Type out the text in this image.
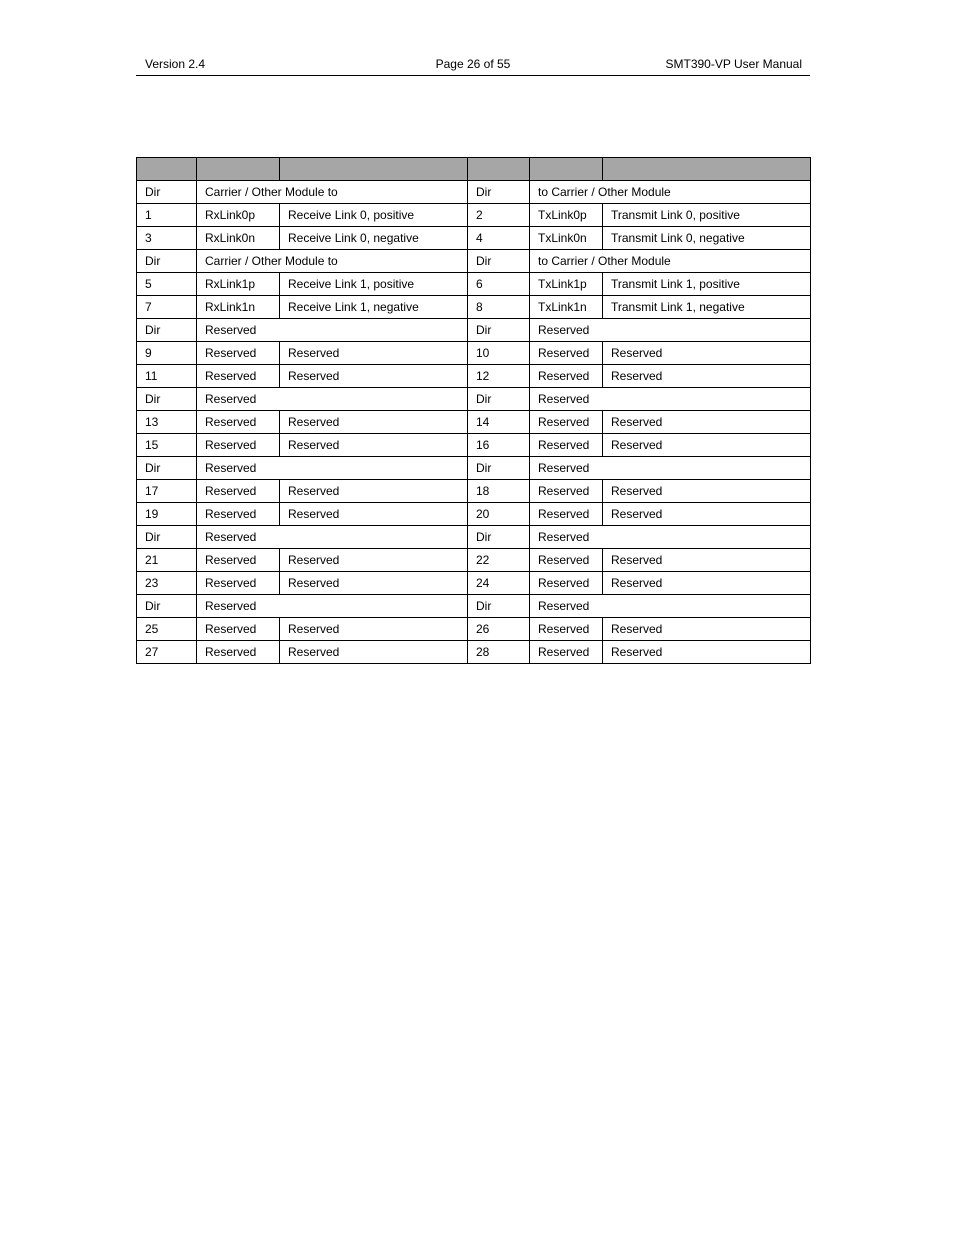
Version 2.4	Page 26 of 55	SMT390-VP User Manual

Dir	Carrier / Other Module to		Dir	to Carrier / Other Module	
1	RxLink0p	Receive Link 0, positive	2	TxLink0p	Transmit Link 0, positive
3	RxLink0n	Receive Link 0, negative	4	TxLink0n	Transmit Link 0, negative
Dir	Carrier / Other Module to		Dir	to Carrier / Other Module	
5	RxLink1p	Receive Link 1, positive	6	TxLink1p	Transmit Link 1, positive
7	RxLink1n	Receive Link 1, negative	8	TxLink1n	Transmit Link 1, negative
Dir	Reserved		Dir	Reserved	
9	Reserved	Reserved	10	Reserved	Reserved
11	Reserved	Reserved	12	Reserved	Reserved
Dir	Reserved		Dir	Reserved	
13	Reserved	Reserved	14	Reserved	Reserved
15	Reserved	Reserved	16	Reserved	Reserved
Dir	Reserved		Dir	Reserved	
17	Reserved	Reserved	18	Reserved	Reserved
19	Reserved	Reserved	20	Reserved	Reserved
Dir	Reserved		Dir	Reserved	
21	Reserved	Reserved	22	Reserved	Reserved
23	Reserved	Reserved	24	Reserved	Reserved
Dir	Reserved		Dir	Reserved	
25	Reserved	Reserved	26	Reserved	Reserved
27	Reserved	Reserved	28	Reserved	Reserved
